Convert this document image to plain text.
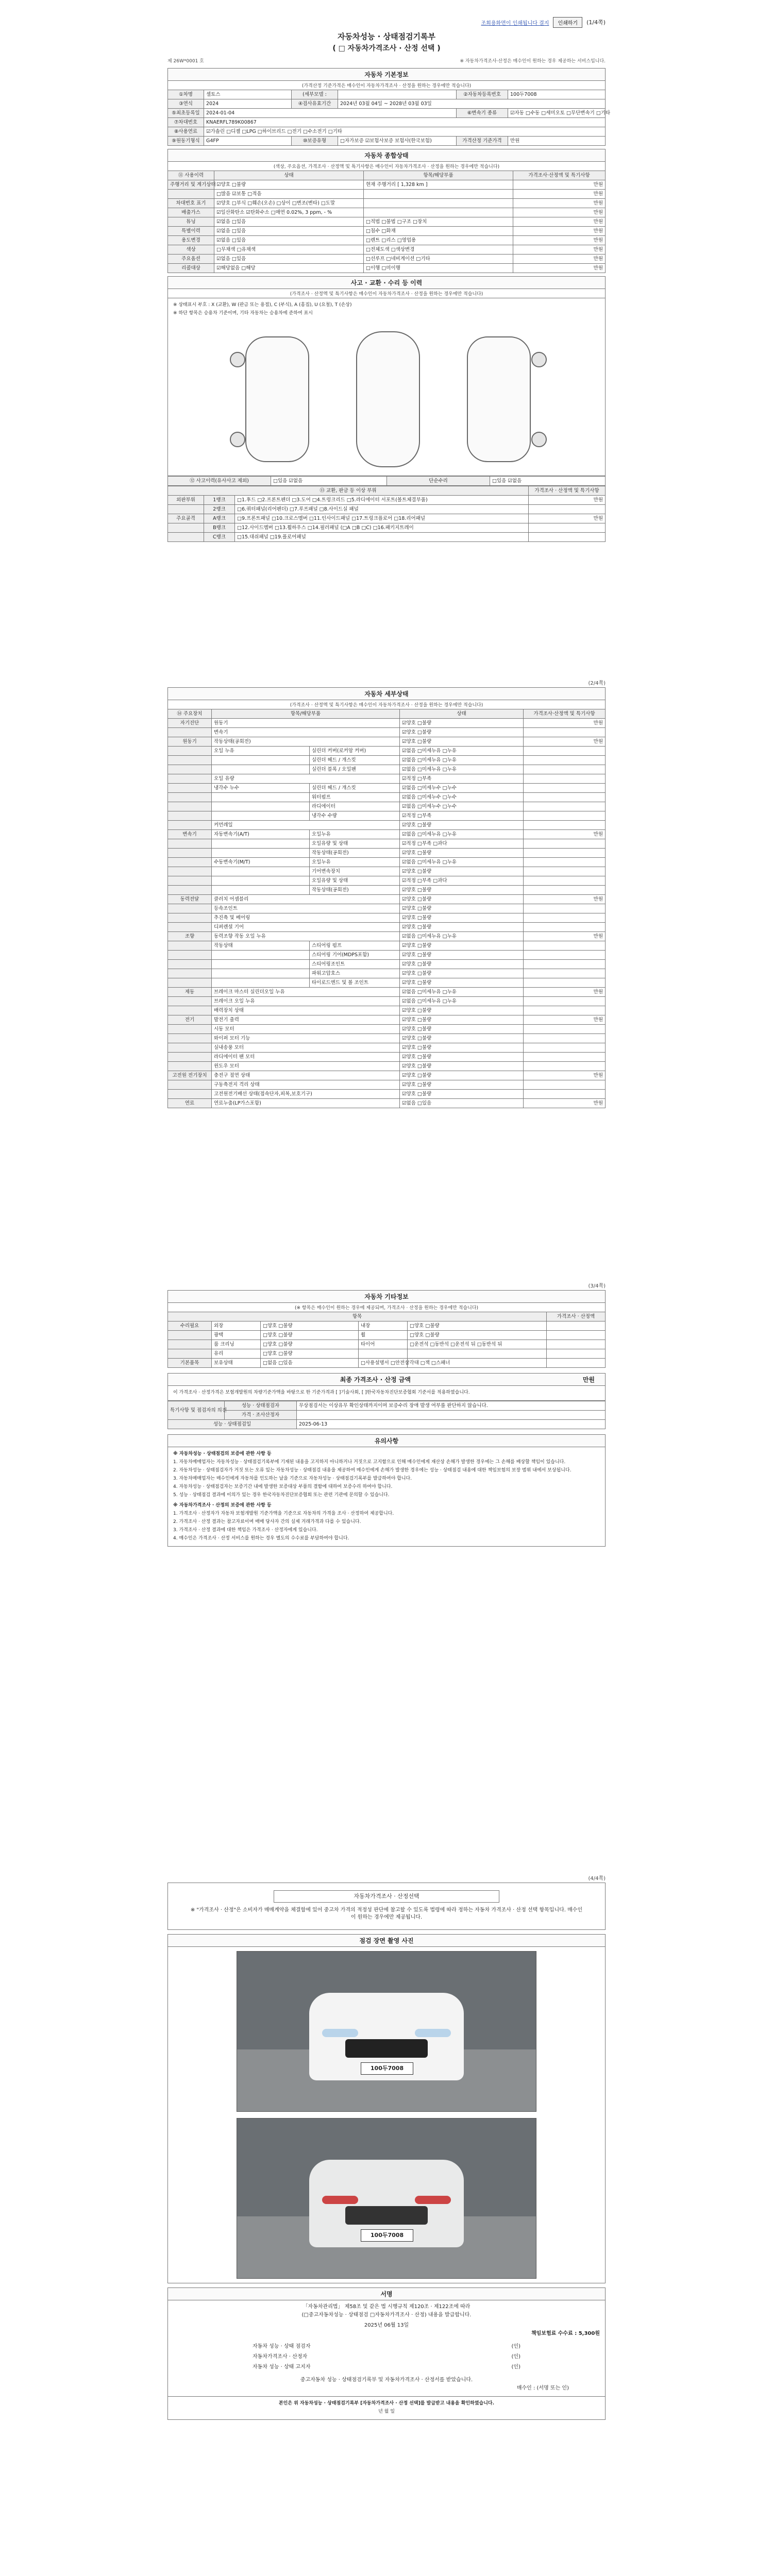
조회용화면이 인쇄됩니다 결지	인쇄하기	(1/4쪽)
자동차성능 · 상태점검기록부
( □ 자동차가격조사 · 산정 선택 )
제 26W*0001 호	※ 자동차가격조사·산정은 매수인이 원하는 경우 제공하는 서비스입니다.
자동차 기본정보
(가격산정 기준가격은 매수인이 자동차가격조사 · 산정을 원하는 경우에만 적습니다)
①차명	셀토스	(세부모델 :		②자동차등록번호	100두7008
③연식	2024	④검사유효기간	2024년 03월 04일 ~ 2028년 03월 03일		
⑤최초등록일	2024-01-04			⑥변속기 종류	☑자동 □수동 □세미오토 □무단변속기 □기타
⑦차대번호	KNAERFL789K00867				
⑧사용연료	☑가솔린 □디젤 □LPG □하이브리드 □전기 □수소전기 □기타				
⑨원동기형식	G4FP	⑩보증유형	□자가보증 ☑보험사보증 보험사(한국보험)	가격산정 기준가격	만원
자동차 종합상태
(색상, 주요옵션, 가격조사 · 산정액 및 특기사항은 매수인이 자동차가격조사 · 산정을 원하는 경우에만 적습니다)
⑪ 사용이력	상태	항목/해당부품	가격조사·산정액 및 특기사항
주행거리 및 계기상태	☑양호 □불량	현재 주행거리 [ 1,328 km ]	만원
	□많음 ☑보통 □적음		만원
차대번호 표기	☑양호 □부식 □훼손(오손) □상이 □변조(변타) □도말		만원
배출가스	☑일산화탄소 ☑탄화수소 □매연 0.02%, 3 ppm, - %		만원
튜닝	☑없음 □있음	□적법 □불법 □구조 □장치	만원
특별이력	☑없음 □있음	□침수 □화재	만원
용도변경	☑없음 □있음	□렌트 □리스 □영업용	만원
색상	□무채색 □유채색	□전체도색 □색상변경	만원
주요옵션	☑없음 □있음	□선루프 □네비게이션 □기타	만원
리콜대상	☑해당없음 □해당	□이행 □미이행	만원
사고 · 교환 · 수리 등 이력
(가격조사 · 산정액 및 특기사항은 매수인이 자동차가격조사 · 산정을 원하는 경우에만 적습니다)

※ 상태표시 부호 : X (교환), W (판금 또는 용접), C (부식), A (흠집), U (요철), T (손상)

※ 하단 항목은 승용차 기준이며, 기타 자동차는 승용차에 준하여 표시

⑫ 사고이력(유사사고 제외)	□있음 ☑없음	단순수리	□있음 ☑없음
⑬ 교환, 판금 등 이상 부위			가격조사 · 산정액 및 특기사항
외판부위	1랭크	□1.후드 □2.프론트펜더 □3.도어 □4.트렁크리드 □5.라디에이터 서포트(볼트체결부품)	만원
	2랭크	□6.쿼터패널(리어펜더) □7.루프패널 □8.사이드실 패널	
주요골격	A랭크	□9.프론트패널 □10.크로스멤버 □11.인사이드패널 □17.트렁크플로어 □18.리어패널	만원
	B랭크	□12.사이드멤버 □13.휠하우스 □14.필러패널 (□A □B □C) □16.패키지트레이	
	C랭크	□15.대쉬패널 □19.플로어패널	
(2/4쪽)
자동차 세부상태
(가격조사 · 산정액 및 특기사항은 매수인이 자동차가격조사 · 산정을 원하는 경우에만 적습니다)
⑭ 주요장치	항목/해당부품		상태	가격조사·산정액 및 특기사항
자기진단	원동기		☑양호 □불량	만원
	변속기		☑양호 □불량	
원동기	작동상태(공회전)		☑양호 □불량	만원
	오일 누유	실린더 커버(로커암 커버)	☑없음 □미세누유 □누유	
		실린더 헤드 / 개스킷	☑없음 □미세누유 □누유	
		실린더 블록 / 오일팬	☑없음 □미세누유 □누유	
	오일 유량		☑적정 □부족	
	냉각수 누수	실린더 헤드 / 개스킷	☑없음 □미세누수 □누수	
		워터펌프	☑없음 □미세누수 □누수	
		라디에이터	☑없음 □미세누수 □누수	
		냉각수 수량	☑적정 □부족	
	커먼레일		☑양호 □불량	
변속기	자동변속기(A/T)	오일누유	☑없음 □미세누유 □누유	만원
		오일유량 및 상태	☑적정 □부족 □과다	
		작동상태(공회전)	☑양호 □불량	
	수동변속기(M/T)	오일누유	☑없음 □미세누유 □누유	
		기어변속장치	☑양호 □불량	
		오일유량 및 상태	☑적정 □부족 □과다	
		작동상태(공회전)	☑양호 □불량	
동력전달	클러치 어셈블리		☑양호 □불량	만원
	등속조인트		☑양호 □불량	
	추진축 및 베어링		☑양호 □불량	
	디퍼렌셜 기어		☑양호 □불량	
조향	동력조향 작동 오일 누유		☑없음 □미세누유 □누유	만원
	작동상태	스티어링 펌프	☑양호 □불량	
		스티어링 기어(MDPS포함)	☑양호 □불량	
		스티어링조인트	☑양호 □불량	
		파워고압호스	☑양호 □불량	
		타이로드엔드 및 볼 조인트	☑양호 □불량	
제동	브레이크 마스터 실린더오일 누유		☑없음 □미세누유 □누유	만원
	브레이크 오일 누유		☑없음 □미세누유 □누유	
	배력장치 상태		☑양호 □불량	
전기	발전기 출력		☑양호 □불량	만원
	시동 모터		☑양호 □불량	
	와이퍼 모터 기능		☑양호 □불량	
	실내송풍 모터		☑양호 □불량	
	라디에이터 팬 모터		☑양호 □불량	
	윈도우 모터		☑양호 □불량	
고전원 전기장치	충전구 절연 상태		☑양호 □불량	만원
	구동축전지 격리 상태		☑양호 □불량	
	고전원전기배선 상태(접속단자,피복,보호기구)		☑양호 □불량	
연료	연료누출(LP가스포함)		☑없음 □있음	만원
(3/4쪽)
자동차 기타정보
(※ 항목은 매수인이 원하는 경우에 제공되며, 가격조사 · 산정을 원하는 경우에만 적습니다)
항목					가격조사 · 산정액
수리필요	외장	□양호 □불량	내장	□양호 □불량	
	광택	□양호 □불량	휠	□양호 □불량	
	룸 크리닝	□양호 □불량	타이어	□운전석 □동반석 □운전석 뒤 □동반석 뒤	
	유리	□양호 □불량			
기본품목	보유상태	□없음 □있음	□사용설명서 □안전삼각대 □잭 □스패너		
최종 가격조사 · 산정 금액	만원

이 가격조사 · 산정가격은 보험개발원의 차량기준가액을 바탕으로 한 기준가격과 [ ]기술사회, [ ]한국자동차진단보증협회 기준서를 적용하였습니다.

특기사항 및 점검자의 의견	성능 · 상태점검자	무상점검서는 이상유무 확인상태까지이며 보증수리 장애 발생 여부를 판단하지 않습니다.
	가격 · 조사산정자	
성능 · 상태점검일		2025-06-13
유의사항

※ 자동차성능 · 상태점검의 보증에 관한 사항 등

1. 자동차매매업자는 자동차성능 · 상태점검기록부에 기재된 내용을 고지하지 아니하거나 거짓으로 고지함으로 인해 매수인에게 재산상 손해가 발생한 경우에는 그 손해를 배상할 책임이 있습니다.

2. 자동차성능 · 상태점검자가 거짓 또는 오류 있는 자동차성능 · 상태점검 내용을 제공하여 매수인에게 손해가 발생한 경우에는 성능 · 상태점검 내용에 대한 책임보험의 보장 범위 내에서 보상됩니다.

3. 자동차매매업자는 매수인에게 자동차를 인도하는 날을 기준으로 자동차성능 · 상태점검기록부를 발급하여야 합니다.

4. 자동차성능 · 상태점검자는 보증기간 내에 발생한 보증대상 부품의 결함에 대하여 보증수리 하여야 합니다.

5. 성능 · 상태점검 결과에 이의가 있는 경우 한국자동차진단보증협회 또는 관련 기관에 문의할 수 있습니다.

※ 자동차가격조사 · 산정의 보증에 관한 사항 등

1. 가격조사 · 산정자가 자동차 보험개발원 기준가액을 기준으로 자동차의 가격을 조사 · 산정하여 제공합니다.

2. 가격조사 · 산정 결과는 참고자료이며 매매 당사자 간의 실제 거래가격과 다를 수 있습니다.

3. 가격조사 · 산정 결과에 대한 책임은 가격조사 · 산정자에게 있습니다.

4. 매수인은 가격조사 · 산정 서비스를 원하는 경우 별도의 수수료를 부담하여야 합니다.

(4/4쪽)
자동차가격조사 · 산정선택

※ "가격조사 · 산정"은 소비자가 매매계약을 체결함에 있어 중고차 가격의 적정성 판단에 참고할 수 있도록 법령에 따라 정하는 자동차 가격조사 · 산정 선택 항목입니다. 매수인이 원하는 경우에만 제공됩니다.

점검 장면 촬영 사진
100두7008
100두7008
서명

「자동차관리법」 제58조 및 같은 법 시행규칙 제120조 · 제122조에 따라

(□중고자동차성능 · 상태점검 □자동차가격조사 · 산정) 내용을 발급합니다.

2025년 06월 13일

책임보험료 수수료 : 5,300원

자동차 성능 · 상태 점검자	(인)
자동차가격조사 · 산정자	(인)
자동차 성능 · 상태 고지자	(인)

중고자동차 성능 · 상태점검기록부 및 자동차가격조사 · 산정서를 받았습니다.

매수인 : (서명 또는 인)

본인은 위 자동차성능 · 상태점검기록부 [자동차가격조사 · 산정 선택]를 발급받고 내용을 확인하였습니다.

년 월 일
